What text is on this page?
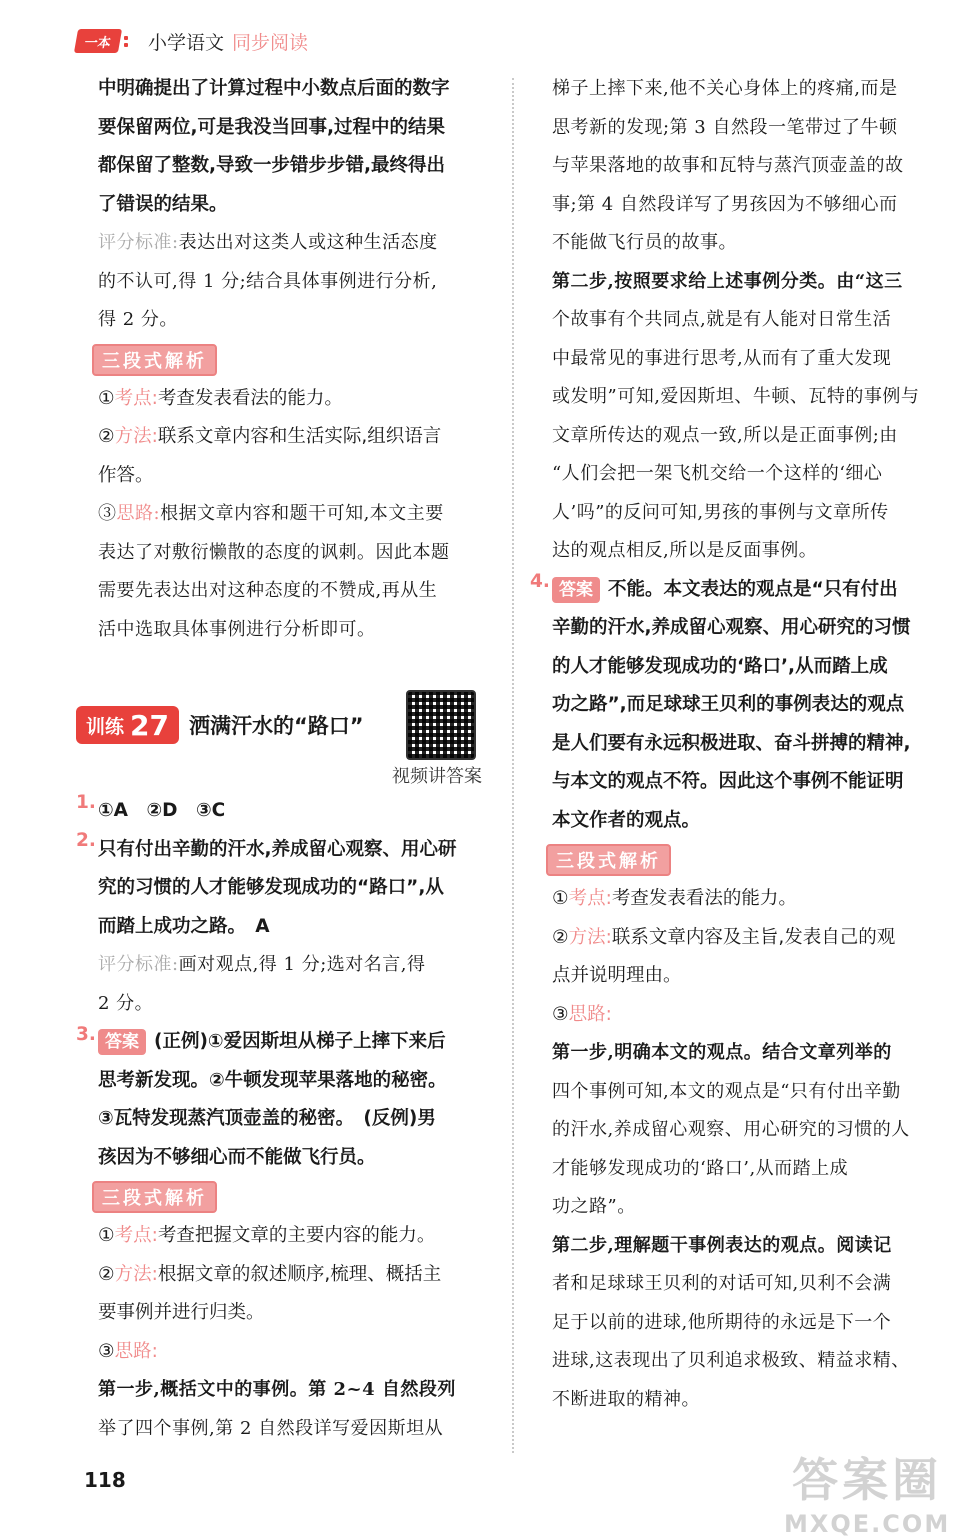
一本	小学语文 同步阅读

中明确提出了计算过程中小数点后面的数字

要保留两位,可是我没当回事,过程中的结果

都保留了整数,导致一步错步步错,最终得出

了错误的结果。

评分标准:表达出对这类人或这种生活态度

的不认可,得 1 分;结合具体事例进行分析,

得 2 分。

三段式解析

①考点:考查发表看法的能力。

②方法:联系文章内容和生活实际,组织语言

作答。

③思路:根据文章内容和题干可知,本文主要

表达了对敷衍懒散的态度的讽刺。因此本题

需要先表达出对这种态度的不赞成,再从生

活中选取具体事例进行分析即可。

训练 27 洒满汗水的“路口”
视频讲答案
1. ①A　②D　③C

2. 只有付出辛勤的汗水,养成留心观察、用心研

究的习惯的人才能够发现成功的“路口”,从

而踏上成功之路。　A

评分标准:画对观点,得 1 分;选对名言,得

2 分。

3. 答案 (正例)①爱因斯坦从梯子上摔下来后

思考新发现。②牛顿发现苹果落地的秘密。

③瓦特发现蒸汽顶壶盖的秘密。　(反例)男

孩因为不够细心而不能做飞行员。

三段式解析

①考点:考查把握文章的主要内容的能力。

②方法:根据文章的叙述顺序,梳理、概括主

要事例并进行归类。

③思路:

第一步,概括文中的事例。第 2~4 自然段列

举了四个事例,第 2 自然段详写爱因斯坦从

梯子上摔下来,他不关心身体上的疼痛,而是

思考新的发现;第 3 自然段一笔带过了牛顿

与苹果落地的故事和瓦特与蒸汽顶壶盖的故

事;第 4 自然段详写了男孩因为不够细心而

不能做飞行员的故事。

第二步,按照要求给上述事例分类。由“这三

个故事有个共同点,就是有人能对日常生活

中最常见的事进行思考,从而有了重大发现

或发明”可知,爱因斯坦、牛顿、瓦特的事例与

文章所传达的观点一致,所以是正面事例;由

“人们会把一架飞机交给一个这样的‘细心

人’吗”的反问可知,男孩的事例与文章所传

达的观点相反,所以是反面事例。

4. 答案 不能。本文表达的观点是“只有付出

辛勤的汗水,养成留心观察、用心研究的习惯

的人才能够发现成功的‘路口’,从而踏上成

功之路”,而足球球王贝利的事例表达的观点

是人们要有永远积极进取、奋斗拼搏的精神,

与本文的观点不符。因此这个事例不能证明

本文作者的观点。

三段式解析

①考点:考查发表看法的能力。

②方法:联系文章内容及主旨,发表自己的观

点并说明理由。

③思路:

第一步,明确本文的观点。结合文章列举的

四个事例可知,本文的观点是“只有付出辛勤

的汗水,养成留心观察、用心研究的习惯的人

才能够发现成功的‘路口’,从而踏上成

功之路”。

第二步,理解题干事例表达的观点。阅读记

者和足球球王贝利的对话可知,贝利不会满

足于以前的进球,他所期待的永远是下一个

进球,这表现出了贝利追求极致、精益求精、

不断进取的精神。

118	答案圈
MXQE.COM
